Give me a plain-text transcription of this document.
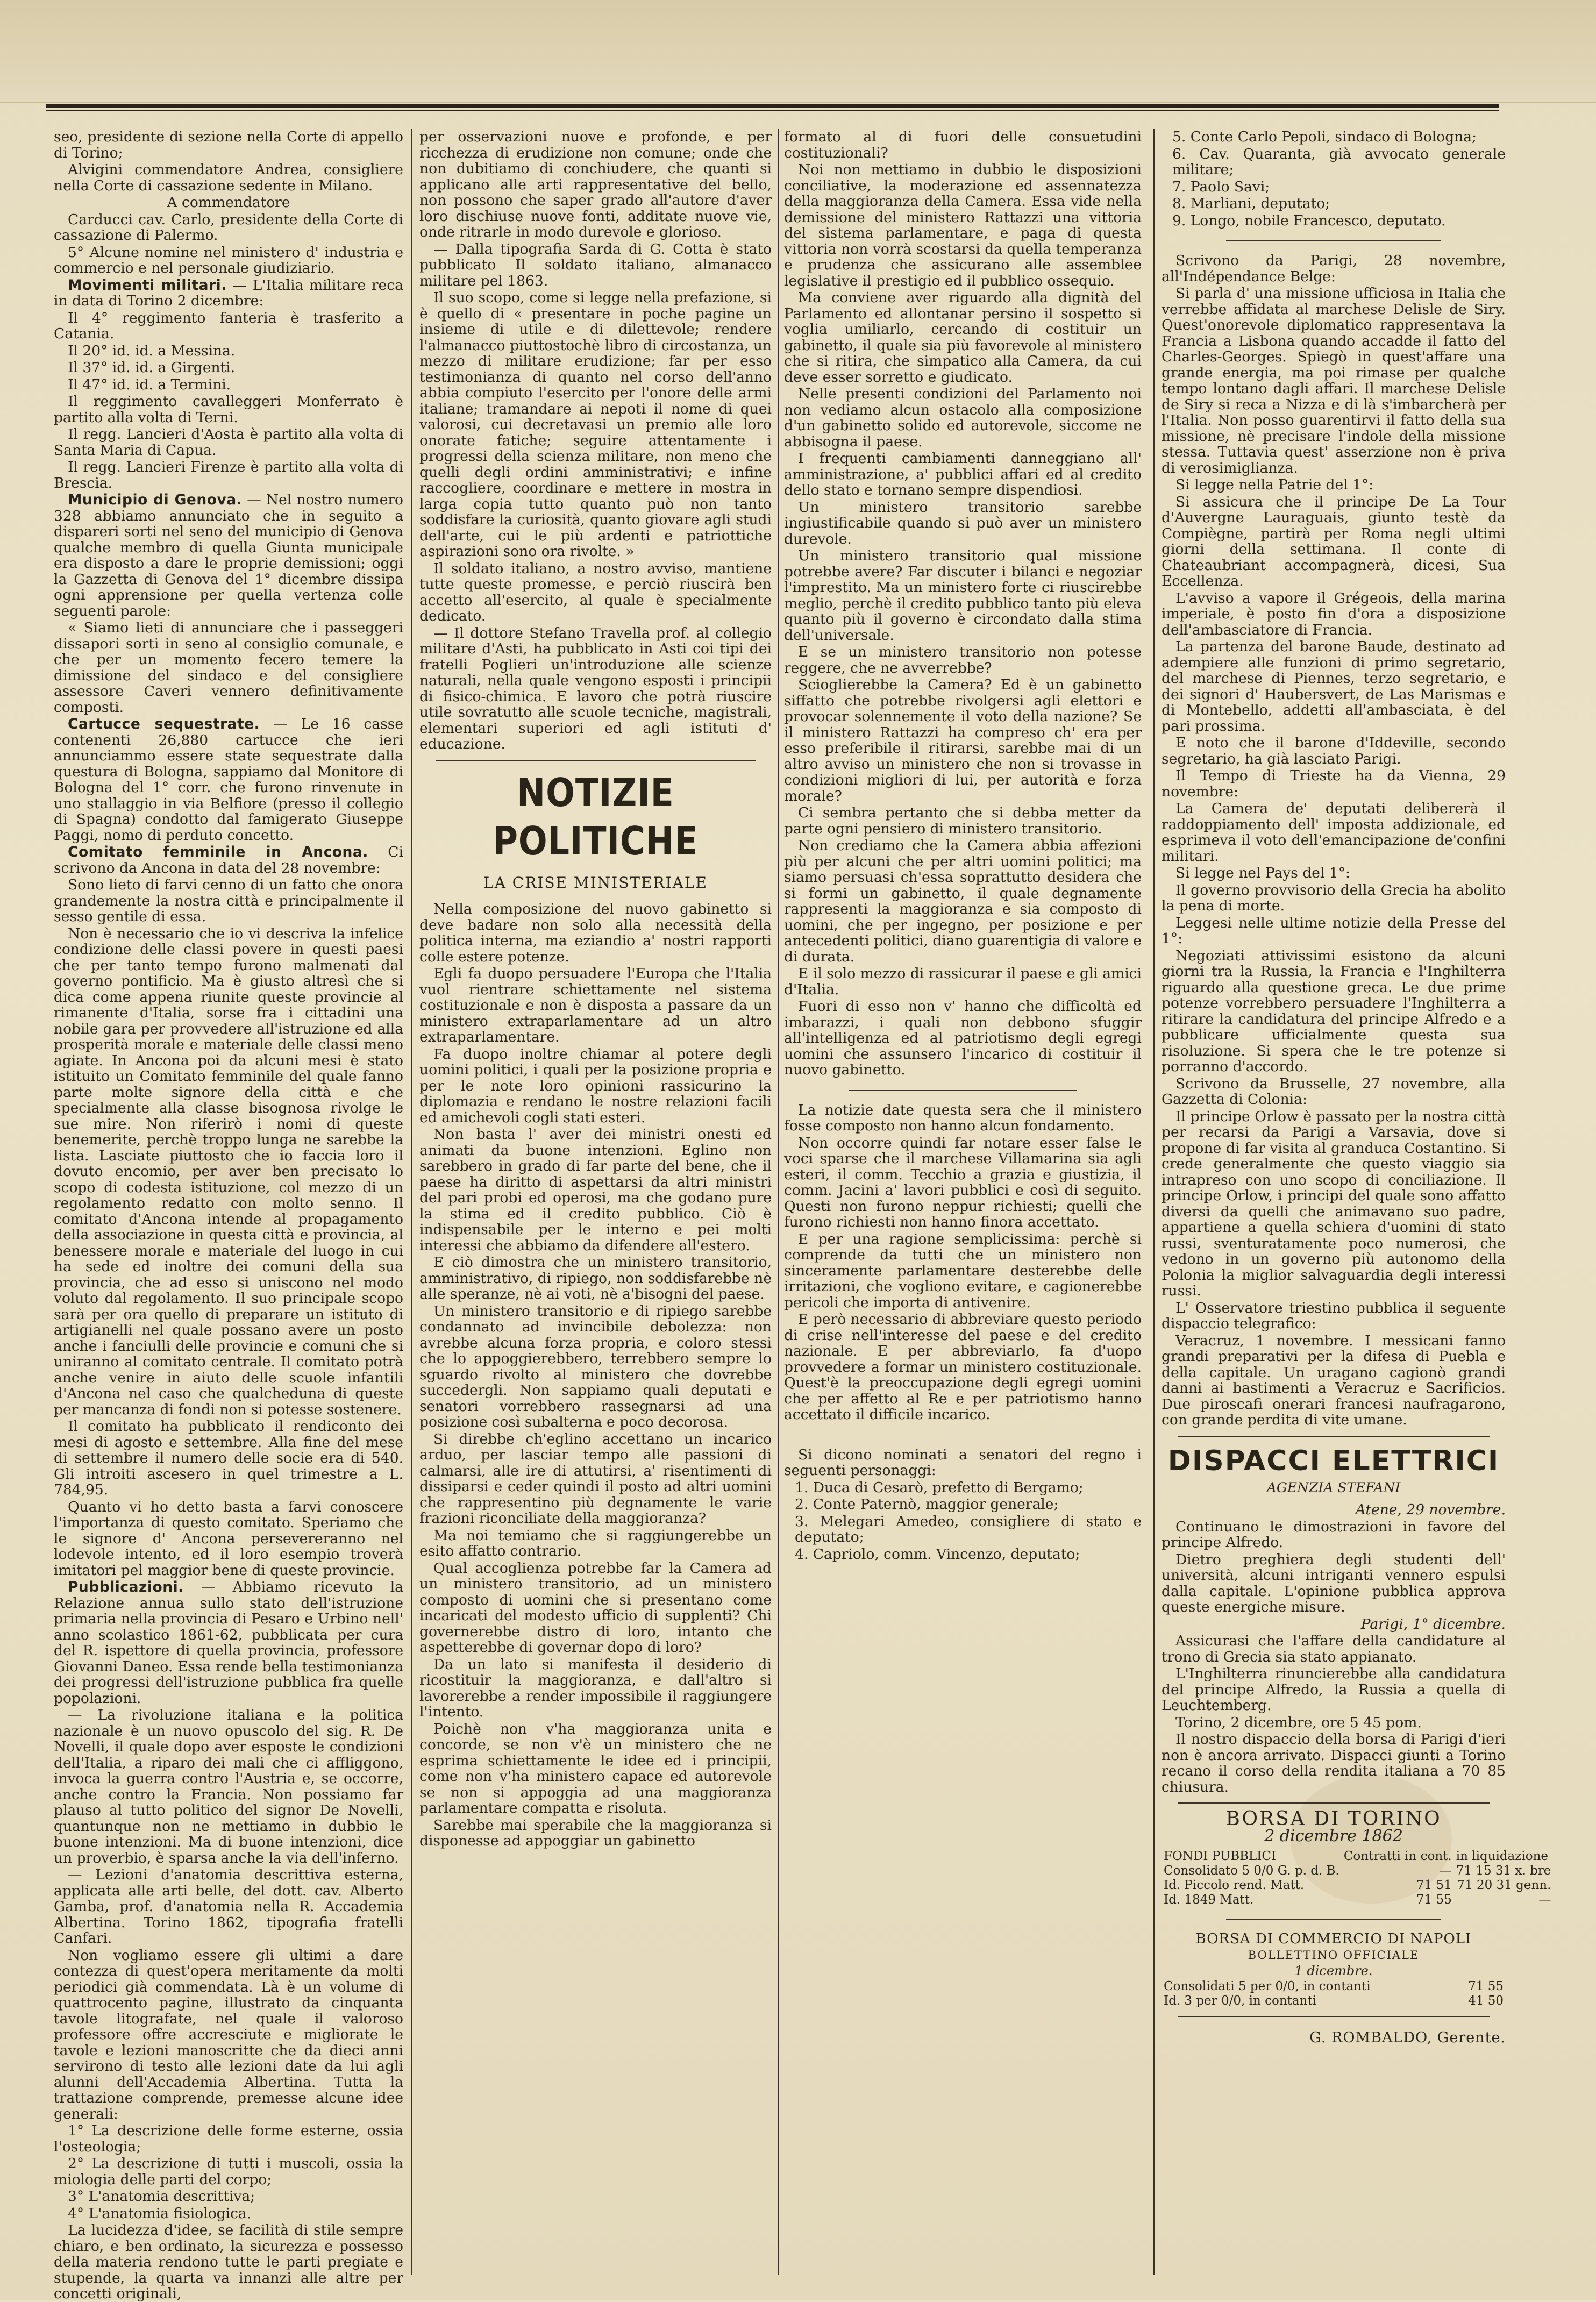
seo, presidente di sezione nella Corte di appello di Torino;

Alvigini commendatore Andrea, consigliere nella Corte di cassazione sedente in Milano.

A commendatore

Carducci cav. Carlo, presidente della Corte di cassazione di Palermo.

5° Alcune nomine nel ministero d' industria e commercio e nel personale giudiziario.

Movimenti militari. — L'Italia militare reca in data di Torino 2 dicembre:

Il 4° reggimento fanteria è trasferito a Catania.

Il 20° id. id. a Messina.

Il 37° id. id. a Girgenti.

Il 47° id. id. a Termini.

Il reggimento cavalleggeri Monferrato è partito alla volta di Terni.

Il regg. Lancieri d'Aosta è partito alla volta di Santa Maria di Capua.

Il regg. Lancieri Firenze è partito alla volta di Brescia.

Municipio di Genova. — Nel nostro numero 328 abbiamo annunciato che in seguito a dispareri sorti nel seno del municipio di Genova qualche membro di quella Giunta municipale era disposto a dare le proprie demissioni; oggi la Gazzetta di Genova del 1° dicembre dissipa ogni apprensione per quella vertenza colle seguenti parole:

« Siamo lieti di annunciare che i passeggeri dissapori sorti in seno al consiglio comunale, e che per un momento fecero temere la dimissione del sindaco e del consigliere assessore Caveri vennero definitivamente composti.

Cartucce sequestrate. — Le 16 casse contenenti 26,880 cartucce che ieri annunciammo essere state sequestrate dalla questura di Bologna, sappiamo dal Monitore di Bologna del 1° corr. che furono rinvenute in uno stallaggio in via Belfiore (presso il collegio di Spagna) condotto dal famigerato Giuseppe Paggi, nomo di perduto concetto.

Comitato femminile in Ancona. Ci scrivono da Ancona in data del 28 novembre:

Sono lieto di farvi cenno di un fatto che onora grandemente la nostra città e principalmente il sesso gentile di essa.

Non è necessario che io vi descriva la infelice condizione delle classi povere in questi paesi che per tanto tempo furono malmenati dal governo pontificio. Ma è giusto altresì che si dica come appena riunite queste provincie al rimanente d'Italia, sorse fra i cittadini una nobile gara per provvedere all'istruzione ed alla prosperità morale e materiale delle classi meno agiate. In Ancona poi da alcuni mesi è stato istituito un Comitato femminile del quale fanno parte molte signore della città e che specialmente alla classe bisognosa rivolge le sue mire. Non riferirò i nomi di queste benemerite, perchè troppo lunga ne sarebbe la lista. Lasciate piuttosto che io faccia loro il dovuto encomio, per aver ben precisato lo scopo di codesta istituzione, col mezzo di un regolamento redatto con molto senno. Il comitato d'Ancona intende al propagamento della associazione in questa città e provincia, al benessere morale e materiale del luogo in cui ha sede ed inoltre dei comuni della sua provincia, che ad esso si uniscono nel modo voluto dal regolamento. Il suo principale scopo sarà per ora quello di preparare un istituto di artigianelli nel quale possano avere un posto anche i fanciulli delle provincie e comuni che si uniranno al comitato centrale. Il comitato potrà anche venire in aiuto delle scuole infantili d'Ancona nel caso che qualcheduna di queste per mancanza di fondi non si potesse sostenere.

Il comitato ha pubblicato il rendiconto dei mesi di agosto e settembre. Alla fine del mese di settembre il numero delle socie era di 540. Gli introiti ascesero in quel trimestre a L. 784,95.

Quanto vi ho detto basta a farvi conoscere l'importanza di questo comitato. Speriamo che le signore d' Ancona persevereranno nel lodevole intento, ed il loro esempio troverà imitatori pel maggior bene di queste provincie.

Pubblicazioni. — Abbiamo ricevuto la Relazione annua sullo stato dell'istruzione primaria nella provincia di Pesaro e Urbino nell' anno scolastico 1861-62, pubblicata per cura del R. ispettore di quella provincia, professore Giovanni Daneo. Essa rende bella testimonianza dei progressi dell'istruzione pubblica fra quelle popolazioni.

— La rivoluzione italiana e la politica nazionale è un nuovo opuscolo del sig. R. De Novelli, il quale dopo aver esposte le condizioni dell'Italia, a riparo dei mali che ci affliggono, invoca la guerra contro l'Austria e, se occorre, anche contro la Francia. Non possiamo far plauso al tutto politico del signor De Novelli, quantunque non ne mettiamo in dubbio le buone intenzioni. Ma di buone intenzioni, dice un proverbio, è sparsa anche la via dell'inferno.

— Lezioni d'anatomia descrittiva esterna, applicata alle arti belle, del dott. cav. Alberto Gamba, prof. d'anatomia nella R. Accademia Albertina. Torino 1862, tipografia fratelli Canfari.

Non vogliamo essere gli ultimi a dare contezza di quest'opera meritamente da molti periodici già commendata. Là è un volume di quattrocento pagine, illustrato da cinquanta tavole litografate, nel quale il valoroso professore offre accresciute e migliorate le tavole e lezioni manoscritte che da dieci anni servirono di testo alle lezioni date da lui agli alunni dell'Accademia Albertina. Tutta la trattazione comprende, premesse alcune idee generali:

1° La descrizione delle forme esterne, ossia l'osteologia;

2° La descrizione di tutti i muscoli, ossia la miologia delle parti del corpo;

3° L'anatomia descrittiva;

4° L'anatomia fisiologica.

La lucidezza d'idee, se facilità di stile sempre chiaro, e ben ordinato, la sicurezza e possesso della materia rendono tutte le parti pregiate e stupende, la quarta va innanzi alle altre per concetti originali,

per osservazioni nuove e profonde, e per ricchezza di erudizione non comune; onde che non dubitiamo di conchiudere, che quanti si applicano alle arti rappresentative del bello, non possono che saper grado all'autore d'aver loro dischiuse nuove fonti, additate nuove vie, onde ritrarle in modo durevole e glorioso.

— Dalla tipografia Sarda di G. Cotta è stato pubblicato Il soldato italiano, almanacco militare pel 1863.

Il suo scopo, come si legge nella prefazione, si è quello di « presentare in poche pagine un insieme di utile e di dilettevole; rendere l'almanacco piuttostochè libro di circostanza, un mezzo di militare erudizione; far per esso testimonianza di quanto nel corso dell'anno abbia compiuto l'esercito per l'onore delle armi italiane; tramandare ai nepoti il nome di quei valorosi, cui decretavasi un premio alle loro onorate fatiche; seguire attentamente i progressi della scienza militare, non meno che quelli degli ordini amministrativi; e infine raccogliere, coordinare e mettere in mostra in larga copia tutto quanto può non tanto soddisfare la curiosità, quanto giovare agli studi dell'arte, cui le più ardenti e patriottiche aspirazioni sono ora rivolte. »

Il soldato italiano, a nostro avviso, mantiene tutte queste promesse, e perciò riuscirà ben accetto all'esercito, al quale è specialmente dedicato.

— Il dottore Stefano Travella prof. al collegio militare d'Asti, ha pubblicato in Asti coi tipi dei fratelli Poglieri un'introduzione alle scienze naturali, nella quale vengono esposti i principii di fisico-chimica. E lavoro che potrà riuscire utile sovratutto alle scuole tecniche, magistrali, elementari superiori ed agli istituti d' educazione.

NOTIZIE POLITICHE
LA CRISE MINISTERIALE

Nella composizione del nuovo gabinetto si deve badare non solo alla necessità della politica interna, ma eziandio a' nostri rapporti colle estere potenze.

Egli fa duopo persuadere l'Europa che l'Italia vuol rientrare schiettamente nel sistema costituzionale e non è disposta a passare da un ministero extraparlamentare ad un altro extraparlamentare.

Fa duopo inoltre chiamar al potere degli uomini politici, i quali per la posizione propria e per le note loro opinioni rassicurino la diplomazia e rendano le nostre relazioni facili ed amichevoli cogli stati esteri.

Non basta l' aver dei ministri onesti ed animati da buone intenzioni. Eglino non sarebbero in grado di far parte del bene, che il paese ha diritto di aspettarsi da altri ministri del pari probi ed operosi, ma che godano pure la stima ed il credito pubblico. Ciò è indispensabile per le interno e pei molti interessi che abbiamo da difendere all'estero.

E ciò dimostra che un ministero transitorio, amministrativo, di ripiego, non soddisfarebbe nè alle speranze, nè ai voti, nè a'bisogni del paese.

Un ministero transitorio e di ripiego sarebbe condannato ad invincibile debolezza: non avrebbe alcuna forza propria, e coloro stessi che lo appoggierebbero, terrebbero sempre lo sguardo rivolto al ministero che dovrebbe succedergli. Non sappiamo quali deputati e senatori vorrebbero rassegnarsi ad una posizione così subalterna e poco decorosa.

Si direbbe ch'eglino accettano un incarico arduo, per lasciar tempo alle passioni di calmarsi, alle ire di attutirsi, a' risentimenti di dissiparsi e ceder quindi il posto ad altri uomini che rappresentino più degnamente le varie frazioni riconciliate della maggioranza?

Ma noi temiamo che si raggiungerebbe un esito affatto contrario.

Qual accoglienza potrebbe far la Camera ad un ministero transitorio, ad un ministero composto di uomini che si presentano come incaricati del modesto ufficio di supplenti? Chi governerebbe distro di loro, intanto che aspetterebbe di governar dopo di loro?

Da un lato si manifesta il desiderio di ricostituir la maggioranza, e dall'altro si lavorerebbe a render impossibile il raggiungere l'intento.

Poichè non v'ha maggioranza unita e concorde, se non v'è un ministero che ne esprima schiettamente le idee ed i principii, come non v'ha ministero capace ed autorevole se non si appoggia ad una maggioranza parlamentare compatta e risoluta.

Sarebbe mai sperabile che la maggioranza si disponesse ad appoggiar un gabinetto

formato al di fuori delle consuetudini costituzionali?

Noi non mettiamo in dubbio le disposizioni conciliative, la moderazione ed assennatezza della maggioranza della Camera. Essa vide nella demissione del ministero Rattazzi una vittoria del sistema parlamentare, e paga di questa vittoria non vorrà scostarsi da quella temperanza e prudenza che assicurano alle assemblee legislative il prestigio ed il pubblico ossequio.

Ma conviene aver riguardo alla dignità del Parlamento ed allontanar persino il sospetto si voglia umiliarlo, cercando di costituir un gabinetto, il quale sia più favorevole al ministero che si ritira, che simpatico alla Camera, da cui deve esser sorretto e giudicato.

Nelle presenti condizioni del Parlamento noi non vediamo alcun ostacolo alla composizione d'un gabinetto solido ed autorevole, siccome ne abbisogna il paese.

I frequenti cambiamenti danneggiano all' amministrazione, a' pubblici affari ed al credito dello stato e tornano sempre dispendiosi.

Un ministero transitorio sarebbe ingiustificabile quando si può aver un ministero durevole.

Un ministero transitorio qual missione potrebbe avere? Far discuter i bilanci e negoziar l'imprestito. Ma un ministero forte ci riuscirebbe meglio, perchè il credito pubblico tanto più eleva quanto più il governo è circondato dalla stima dell'universale.

E se un ministero transitorio non potesse reggere, che ne avverrebbe?

Scioglierebbe la Camera? Ed è un gabinetto siffatto che potrebbe rivolgersi agli elettori e provocar solennemente il voto della nazione? Se il ministero Rattazzi ha compreso ch' era per esso preferibile il ritirarsi, sarebbe mai di un altro avviso un ministero che non si trovasse in condizioni migliori di lui, per autorità e forza morale?

Ci sembra pertanto che si debba metter da parte ogni pensiero di ministero transitorio.

Non crediamo che la Camera abbia affezioni più per alcuni che per altri uomini politici; ma siamo persuasi ch'essa soprattutto desidera che si formi un gabinetto, il quale degnamente rappresenti la maggioranza e sia composto di uomini, che per ingegno, per posizione e per antecedenti politici, diano guarentigia di valore e di durata.

E il solo mezzo di rassicurar il paese e gli amici d'Italia.

Fuori di esso non v' hanno che difficoltà ed imbarazzi, i quali non debbono sfuggir all'intelligenza ed al patriotismo degli egregi uomini che assunsero l'incarico di costituir il nuovo gabinetto.

La notizie date questa sera che il ministero fosse composto non hanno alcun fondamento.

Non occorre quindi far notare esser false le voci sparse che il marchese Villamarina sia agli esteri, il comm. Tecchio a grazia e giustizia, il comm. Jacini a' lavori pubblici e così di seguito. Questi non furono neppur richiesti; quelli che furono richiesti non hanno finora accettato.

E per una ragione semplicissima: perchè si comprende da tutti che un ministero non sinceramente parlamentare desterebbe delle irritazioni, che vogliono evitare, e cagionerebbe pericoli che importa di antivenire.

E però necessario di abbreviare questo periodo di crise nell'interesse del paese e del credito nazionale. E per abbreviarlo, fa d'uopo provvedere a formar un ministero costituzionale. Quest'è la preoccupazione degli egregi uomini che per affetto al Re e per patriotismo hanno accettato il difficile incarico.

Si dicono nominati a senatori del regno i seguenti personaggi:

1. Duca di Cesarò, prefetto di Bergamo;

2. Conte Paternò, maggior generale;

3. Melegari Amedeo, consigliere di stato e deputato;

4. Capriolo, comm. Vincenzo, deputato;

5. Conte Carlo Pepoli, sindaco di Bologna;

6. Cav. Quaranta, già avvocato generale militare;

7. Paolo Savi;

8. Marliani, deputato;

9. Longo, nobile Francesco, deputato.

Scrivono da Parigi, 28 novembre, all'Indépendance Belge:

Si parla d' una missione ufficiosa in Italia che verrebbe affidata al marchese Delisle de Siry. Quest'onorevole diplomatico rappresentava la Francia a Lisbona quando accadde il fatto del Charles-Georges. Spiegò in quest'affare una grande energia, ma poi rimase per qualche tempo lontano dagli affari. Il marchese Delisle de Siry si reca a Nizza e di là s'imbarcherà per l'Italia. Non posso guarentirvi il fatto della sua missione, nè precisare l'indole della missione stessa. Tuttavia quest' asserzione non è priva di verosimiglianza.

Si legge nella Patrie del 1°:

Si assicura che il principe De La Tour d'Auvergne Lauraguais, giunto testè da Compiègne, partirà per Roma negli ultimi giorni della settimana. Il conte di Chateaubriant accompagnerà, dicesi, Sua Eccellenza.

L'avviso a vapore il Grégeois, della marina imperiale, è posto fin d'ora a disposizione dell'ambasciatore di Francia.

La partenza del barone Baude, destinato ad adempiere alle funzioni di primo segretario, del marchese di Piennes, terzo segretario, e dei signori d' Haubersvert, de Las Marismas e di Montebello, addetti all'ambasciata, è del pari prossima.

E noto che il barone d'Iddeville, secondo segretario, ha già lasciato Parigi.

Il Tempo di Trieste ha da Vienna, 29 novembre:

La Camera de' deputati delibererà il raddoppiamento dell' imposta addizionale, ed esprimeva il voto dell'emancipazione de'confini militari.

Si legge nel Pays del 1°:

Il governo provvisorio della Grecia ha abolito la pena di morte.

Leggesi nelle ultime notizie della Presse del 1°:

Negoziati attivissimi esistono da alcuni giorni tra la Russia, la Francia e l'Inghilterra riguardo alla questione greca. Le due prime potenze vorrebbero persuadere l'Inghilterra a ritirare la candidatura del principe Alfredo e a pubblicare ufficialmente questa sua risoluzione. Si spera che le tre potenze si porranno d'accordo.

Scrivono da Brusselle, 27 novembre, alla Gazzetta di Colonia:

Il principe Orlow è passato per la nostra città per recarsi da Parigi a Varsavia, dove si propone di far visita al granduca Costantino. Si crede generalmente che questo viaggio sia intrapreso con uno scopo di conciliazione. Il principe Orlow, i principi del quale sono affatto diversi da quelli che animavano suo padre, appartiene a quella schiera d'uomini di stato russi, sventuratamente poco numerosi, che vedono in un governo più autonomo della Polonia la miglior salvaguardia degli interessi russi.

L' Osservatore triestino pubblica il seguente dispaccio telegrafico:

Veracruz, 1 novembre. I messicani fanno grandi preparativi per la difesa di Puebla e della capitale. Un uragano cagionò grandi danni ai bastimenti a Veracruz e Sacrificios. Due piroscafi onerari francesi naufragarono, con grande perdita di vite umane.

DISPACCI ELETTRICI
AGENZIA STEFANI

Atene, 29 novembre.

Continuano le dimostrazioni in favore del principe Alfredo.

Dietro preghiera degli studenti dell' università, alcuni intriganti vennero espulsi dalla capitale. L'opinione pubblica approva queste energiche misure.

Parigi, 1° dicembre.

Assicurasi che l'affare della candidature al trono di Grecia sia stato appianato.

L'Inghilterra rinuncierebbe alla candidatura del principe Alfredo, la Russia a quella di Leuchtemberg.

Torino, 2 dicembre, ore 5 45 pom.

Il nostro dispaccio della borsa di Parigi d'ieri non è ancora arrivato. Dispacci giunti a Torino recano il corso della rendita italiana a 70 85 chiusura.

BORSA DI TORINO
2 dicembre 1862
FONDI PUBBLICI	Contratti in cont.	in liquidazione
Consolidato 5 0/0 G. p. d. B.	—	71 15 31 x. bre
Id. Piccolo rend. Matt.	71 51	71 20 31 genn.
Id. 1849 Matt.	71 55	—
BORSA DI COMMERCIO DI NAPOLI
BOLLETTINO OFFICIALE
1 dicembre.
Consolidati 5 per 0/0, in contanti	71 55
Id. 3 per 0/0, in contanti	41 50
G. ROMBALDO, Gerente.
